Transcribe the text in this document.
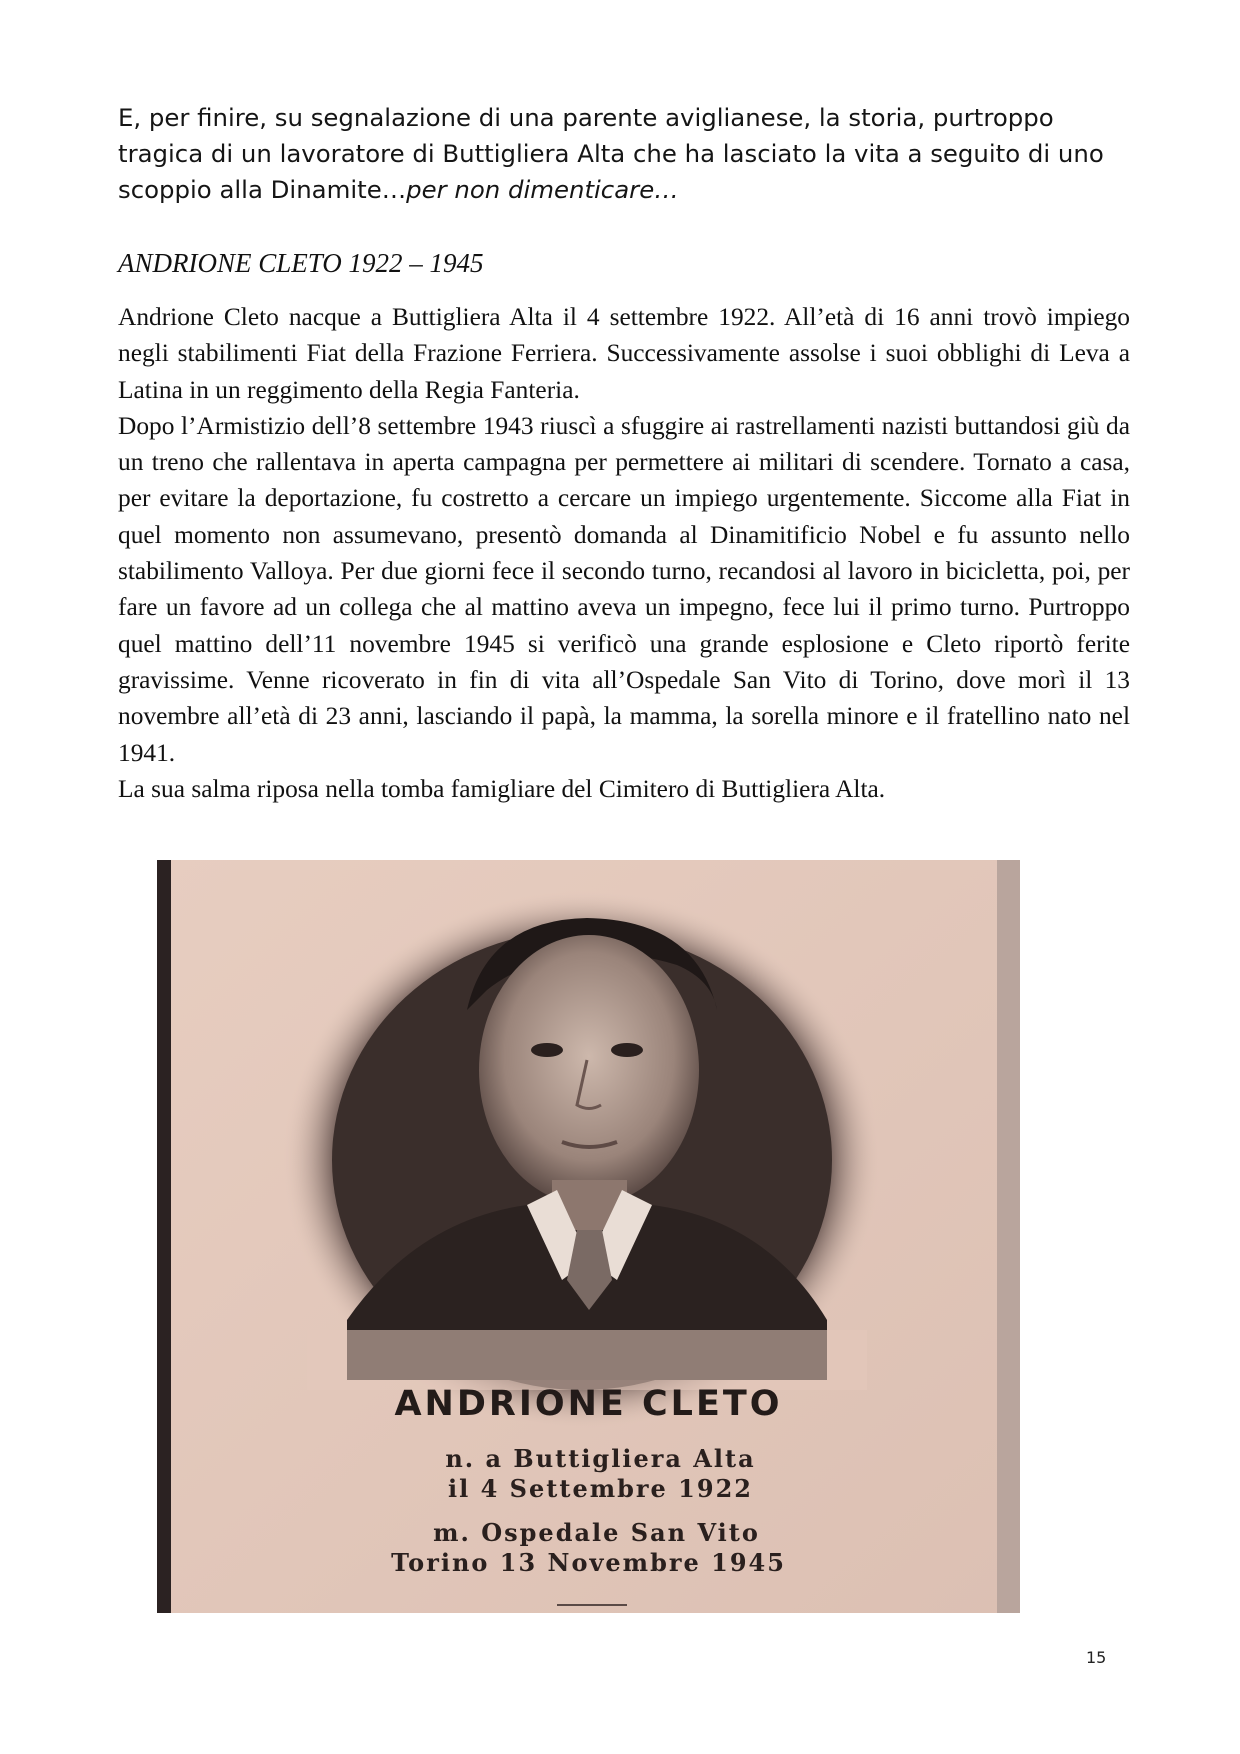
E, per finire, su segnalazione di una parente aviglianese, la storia, purtroppo tragica di un lavoratore di Buttigliera Alta che ha lasciato la vita a seguito di uno scoppio alla Dinamite…per non dimenticare…

ANDRIONE CLETO 1922 – 1945

Andrione Cleto nacque a Buttigliera Alta il 4 settembre 1922. All’età di 16 anni trovò impiego negli stabilimenti Fiat della Frazione Ferriera. Successivamente assolse i suoi obblighi di Leva a Latina in un reggimento della Regia Fanteria.

Dopo l’Armistizio dell’8 settembre 1943 riuscì a sfuggire ai rastrellamenti nazisti buttandosi giù da un treno che rallentava in aperta campagna per permettere ai militari di scendere. Tornato a casa, per evitare la deportazione, fu costretto a cercare un impiego urgentemente. Siccome alla Fiat in quel momento non assumevano, presentò domanda al Dinamitificio Nobel e fu assunto nello stabilimento Valloya. Per due giorni fece il secondo turno, recandosi al lavoro in bicicletta, poi, per fare un favore ad un collega che al mattino aveva un impegno, fece lui il primo turno. Purtroppo quel mattino dell’11 novembre 1945 si verificò una grande esplosione e Cleto riportò ferite gravissime. Venne ricoverato in fin di vita all’Ospedale San Vito di Torino, dove morì il 13 novembre all’età di 23 anni, lasciando il papà, la mamma, la sorella minore e il fratellino nato nel 1941.

La sua salma riposa nella tomba famigliare del Cimitero di Buttigliera Alta.

ANDRIONE CLETO
n. a Buttigliera Alta
il 4 Settembre 1922
m. Ospedale San Vito
Torino 13 Novembre 1945
15
